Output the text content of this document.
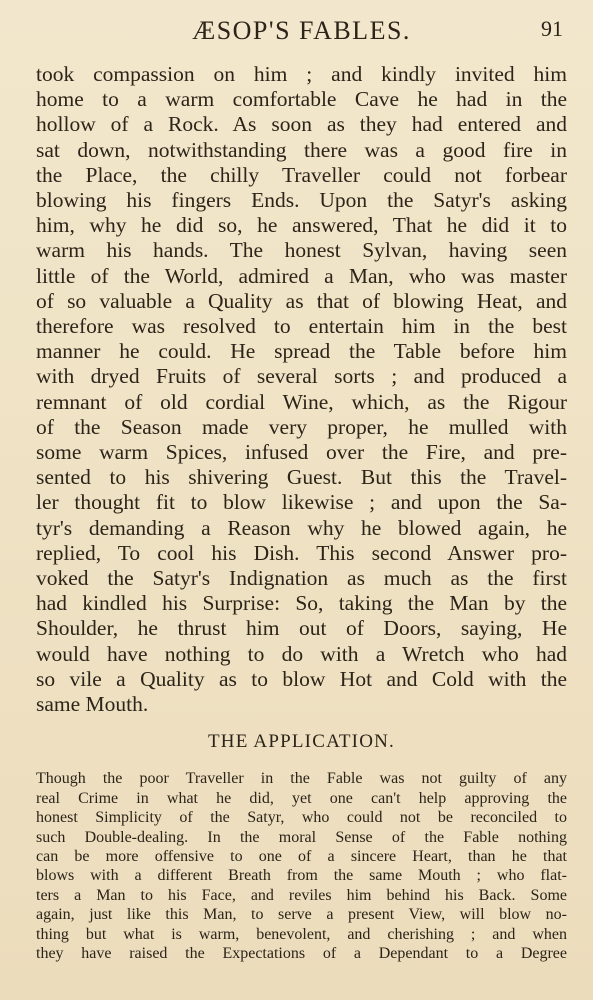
ÆSOP'S FABLES.	91

took compassion on him ; and kindly invited him
home to a warm comfortable Cave he had in the
hollow of a Rock. As soon as they had entered and
sat down, notwithstanding there was a good fire in
the Place, the chilly Traveller could not forbear
blowing his fingers Ends. Upon the Satyr's asking
him, why he did so, he answered, That he did it to
warm his hands. The honest Sylvan, having seen
little of the World, admired a Man, who was master
of so valuable a Quality as that of blowing Heat, and
therefore was resolved to entertain him in the best
manner he could. He spread the Table before him
with dryed Fruits of several sorts ; and produced a
remnant of old cordial Wine, which, as the Rigour
of the Season made very proper, he mulled with
some warm Spices, infused over the Fire, and pre-
sented to his shivering Guest. But this the Travel-
ler thought fit to blow likewise ; and upon the Sa-
tyr's demanding a Reason why he blowed again, he
replied, To cool his Dish. This second Answer pro-
voked the Satyr's Indignation as much as the first
had kindled his Surprise: So, taking the Man by the
Shoulder, he thrust him out of Doors, saying, He
would have nothing to do with a Wretch who had
so vile a Quality as to blow Hot and Cold with the
same Mouth.

THE APPLICATION.

Though the poor Traveller in the Fable was not guilty of any
real Crime in what he did, yet one can't help approving the
honest Simplicity of the Satyr, who could not be reconciled to
such Double-dealing. In the moral Sense of the Fable nothing
can be more offensive to one of a sincere Heart, than he that
blows with a different Breath from the same Mouth ; who flat-
ters a Man to his Face, and reviles him behind his Back. Some
again, just like this Man, to serve a present View, will blow no-
thing but what is warm, benevolent, and cherishing ; and when
they have raised the Expectations of a Dependant to a Degree
